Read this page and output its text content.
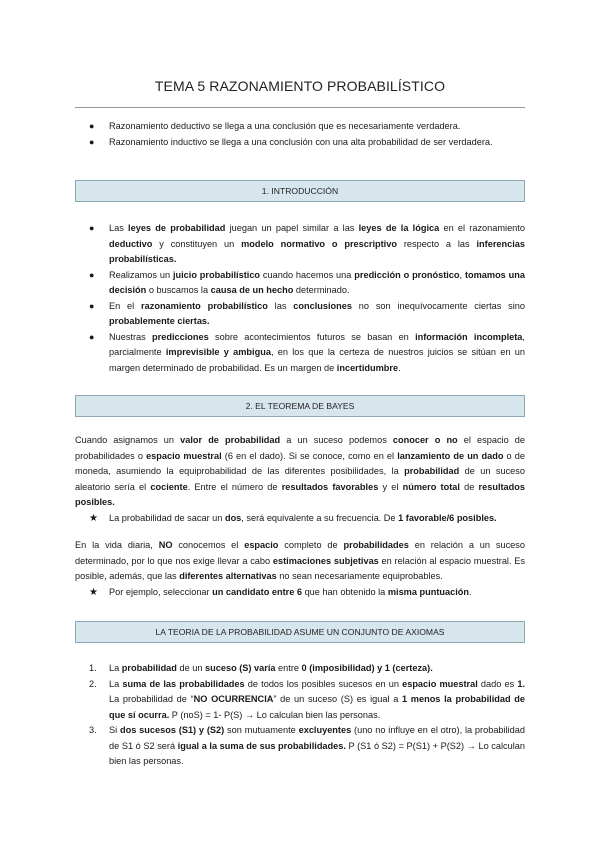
TEMA 5 RAZONAMIENTO PROBABILÍSTICO
● Razonamiento deductivo se llega a una conclusión que es necesariamente verdadera.
● Razonamiento inductivo se llega a una conclusión con una alta probabilidad de ser verdadera.
1. INTRODUCCIÓN
● Las leyes de probabilidad juegan un papel similar a las leyes de la lógica en el razonamiento deductivo y constituyen un modelo normativo o prescriptivo respecto a las inferencias probabilísticas.
● Realizamos un juicio probabilístico cuando hacemos una predicción o pronóstico, tomamos una decisión o buscamos la causa de un hecho determinado.
● En el razonamiento probabilístico las conclusiones no son inequívocamente ciertas sino probablemente ciertas.
● Nuestras predicciones sobre acontecimientos futuros se basan en información incompleta, parcialmente imprevisible y ambigua, en los que la certeza de nuestros juicios se sitúan en un margen determinado de probabilidad. Es un margen de incertidumbre.
2. EL TEOREMA DE BAYES

Cuando asignamos un valor de probabilidad a un suceso podemos conocer o no el espacio de probabilidades o espacio muestral (6 en el dado). Si se conoce, como en el lanzamiento de un dado o de moneda, asumiendo la equiprobabilidad de las diferentes posibilidades, la probabilidad de un suceso aleatorio sería el cociente. Entre el número de resultados favorables y el número total de resultados posibles.

★ La probabilidad de sacar un dos, será equivalente a su frecuencia. De 1 favorable/6 posibles.

En la vida diaria, NO conocemos el espacio completo de probabilidades en relación a un suceso determinado, por lo que nos exige llevar a cabo estimaciones subjetivas en relación al espacio muestral. Es posible, además, que las diferentes alternativas no sean necesariamente equiprobables.

★ Por ejemplo, seleccionar un candidato entre 6 que han obtenido la misma puntuación.
LA TEORIA DE LA PROBABILIDAD ASUME UN CONJUNTO DE AXIOMAS
1. La probabilidad de un suceso (S) varía entre 0 (imposibilidad) y 1 (certeza).
2. La suma de las probabilidades de todos los posibles sucesos en un espacio muestral dado es 1. La probabilidad de “NO OCURRENCIA” de un suceso (S) es igual a 1 menos la probabilidad de que sí ocurra. P (noS) = 1- P(S) → Lo calculan bien las personas.
3. Si dos sucesos (S1) y (S2) son mutuamente excluyentes (uno no influye en el otro), la probabilidad de S1 ó S2 será igual a la suma de sus probabilidades. P (S1 ó S2) = P(S1) + P(S2) → Lo calculan bien las personas.
